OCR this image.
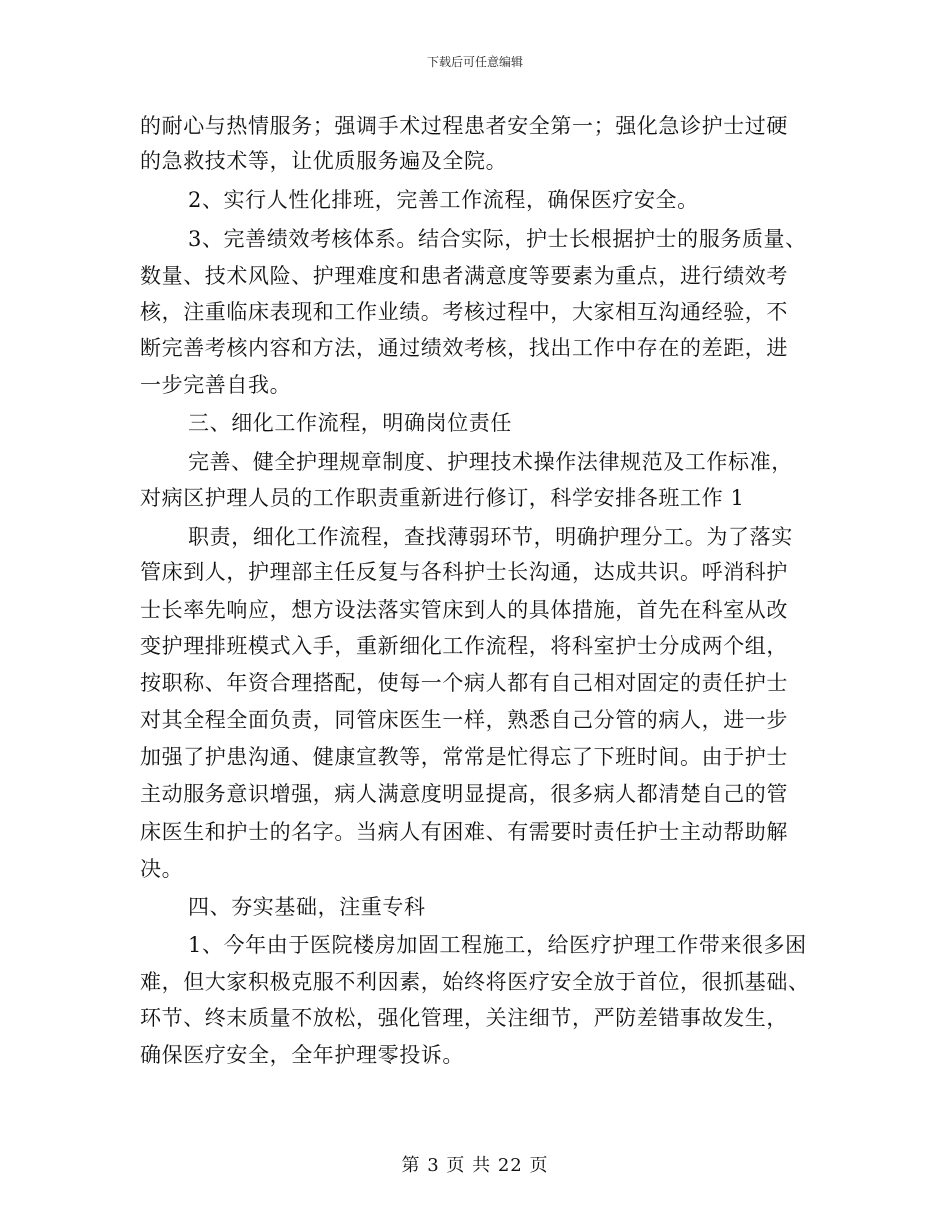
下载后可任意编辑
的耐心与热情服务；强调手术过程患者安全第一；强化急诊护士过硬
的急救技术等，让优质服务遍及全院。
2、实行人性化排班，完善工作流程，确保医疗安全。
3、完善绩效考核体系。结合实际，护士长根据护士的服务质量、
数量、技术风险、护理难度和患者满意度等要素为重点，进行绩效考
核，注重临床表现和工作业绩。考核过程中，大家相互沟通经验，不
断完善考核内容和方法，通过绩效考核，找出工作中存在的差距，进
一步完善自我。
三、细化工作流程，明确岗位责任
完善、健全护理规章制度、护理技术操作法律规范及工作标准，
对病区护理人员的工作职责重新进行修订，科学安排各班工作 1
职责，细化工作流程，查找薄弱环节，明确护理分工。为了落实
管床到人，护理部主任反复与各科护士长沟通，达成共识。呼消科护
士长率先响应，想方设法落实管床到人的具体措施，首先在科室从改
变护理排班模式入手，重新细化工作流程，将科室护士分成两个组，
按职称、年资合理搭配，使每一个病人都有自己相对固定的责任护士
对其全程全面负责，同管床医生一样，熟悉自己分管的病人，进一步
加强了护患沟通、健康宣教等，常常是忙得忘了下班时间。由于护士
主动服务意识增强，病人满意度明显提高，很多病人都清楚自己的管
床医生和护士的名字。当病人有困难、有需要时责任护士主动帮助解
决。
四、夯实基础，注重专科
1、今年由于医院楼房加固工程施工，给医疗护理工作带来很多困
难，但大家积极克服不利因素，始终将医疗安全放于首位，很抓基础、
环节、终末质量不放松，强化管理，关注细节，严防差错事故发生，
确保医疗安全，全年护理零投诉。
第 3 页 共 22 页
